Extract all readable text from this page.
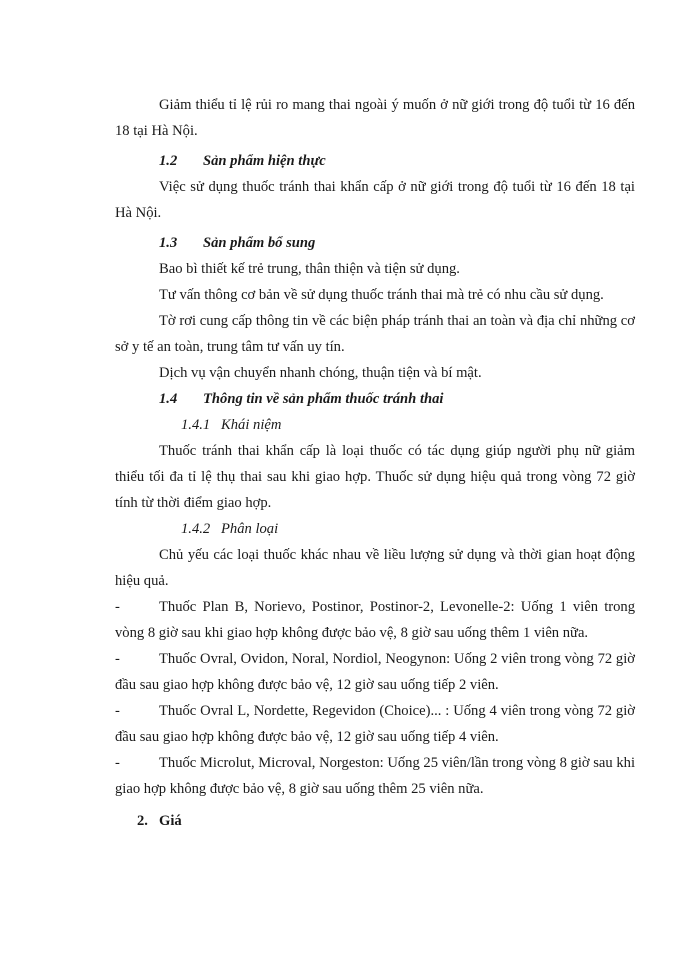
Giảm thiểu tỉ lệ rủi ro mang thai ngoài ý muốn ở nữ giới trong độ tuổi từ 16 đến 18 tại Hà Nội.

1.2 Sản phẩm hiện thực

Việc sử dụng thuốc tránh thai khẩn cấp ở nữ giới trong độ tuổi từ 16 đến 18 tại Hà Nội.

1.3 Sản phẩm bổ sung

Bao bì thiết kế trẻ trung, thân thiện và tiện sử dụng.

Tư vấn thông cơ bản về sử dụng thuốc tránh thai mà trẻ có nhu cầu sử dụng.

Tờ rơi cung cấp thông tin về các biện pháp tránh thai an toàn và địa chỉ những cơ sở y tế an toàn, trung tâm tư vấn uy tín.

Dịch vụ vận chuyển nhanh chóng, thuận tiện và bí mật.

1.4 Thông tin về sản phẩm thuốc tránh thai

1.4.1 Khái niệm

Thuốc tránh thai khẩn cấp là loại thuốc có tác dụng giúp người phụ nữ giảm thiểu tối đa tỉ lệ thụ thai sau khi giao hợp. Thuốc sử dụng hiệu quả trong vòng 72 giờ tính từ thời điểm giao hợp.

1.4.2 Phân loại

Chủ yếu các loại thuốc khác nhau về liều lượng sử dụng và thời gian hoạt động hiệu quả.

-	Thuốc Plan B, Norievo, Postinor, Postinor-2, Levonelle-2: Uống 1 viên trong vòng 8 giờ sau khi giao hợp không được bảo vệ, 8 giờ sau uống thêm 1 viên nữa.

-	Thuốc Ovral, Ovidon, Noral, Nordiol, Neogynon: Uống 2 viên trong vòng 72 giờ đầu sau giao hợp không được bảo vệ, 12 giờ sau uống tiếp 2 viên.

-	Thuốc Ovral L, Nordette, Regevidon (Choice)... : Uống 4 viên trong vòng 72 giờ đầu sau giao hợp không được bảo vệ, 12 giờ sau uống tiếp 4 viên.

-	Thuốc Microlut, Microval, Norgeston: Uống 25 viên/lần trong vòng 8 giờ sau khi giao hợp không được bảo vệ, 8 giờ sau uống thêm 25 viên nữa.

2. Giá
